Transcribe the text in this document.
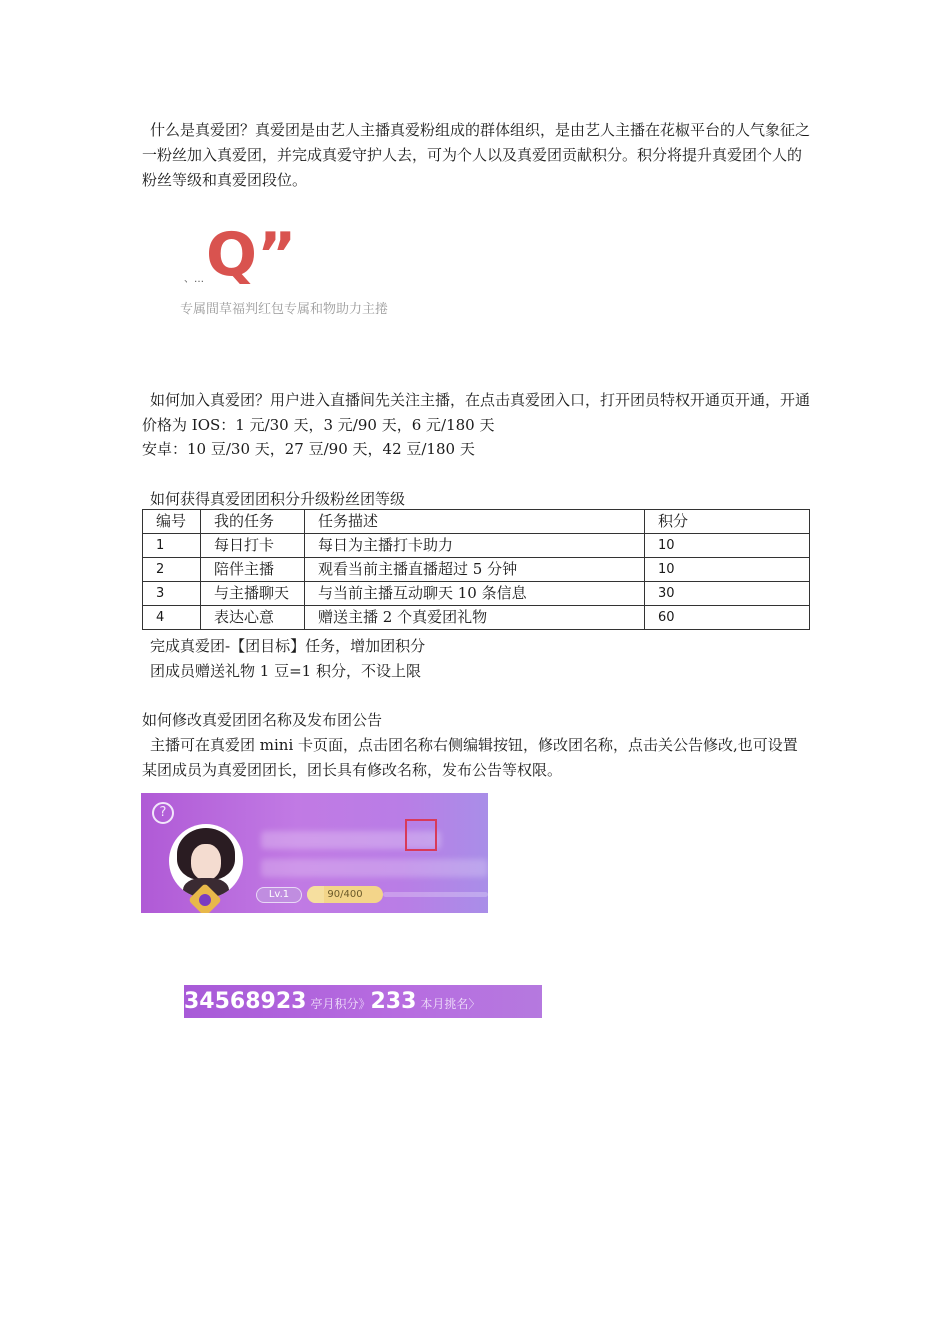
什么是真爱团？真爱团是由艺人主播真爱粉组成的群体组织，是由艺人主播在花椒平台的人气象征之一粉丝加入真爱团，并完成真爱守护人去，可为个人以及真爱团贡献积分。积分将提升真爱团个人的粉丝等级和真爱团段位。

、… Q”
专属間草福判红包专属和物助力主捲

如何加入真爱团？用户进入直播间先关注主播，在点击真爱团入口，打开团员特权开通页开通，开通价格为 IOS：1 元/30 天，3 元/90 天，6 元/180 天

安卓：10 豆/30 天，27 豆/90 天，42 豆/180 天

如何获得真爱团团积分升级粉丝团等级

编号	我的任务	任务描述	积分
1	每日打卡	每日为主播打卡助力	10
2	陪伴主播	观看当前主播直播超过 5 分钟	10
3	与主播聊天	与当前主播互动聊天 10 条信息	30
4	表达心意	赠送主播 2 个真爱团礼物	60

完成真爱团-【团目标】任务，增加团积分

团成员赠送礼物 1 豆=1 积分，不设上限

如何修改真爱团团名称及发布团公告

主播可在真爱团 mini 卡页面，点击团名称右侧编辑按钮，修改团名称，点击关公告修改,也可设置某团成员为真爱团团长，团长具有修改名称，发布公告等权限。

?
Lv.1	90/400
34568923 亭月积分》233 本月挑名〉
